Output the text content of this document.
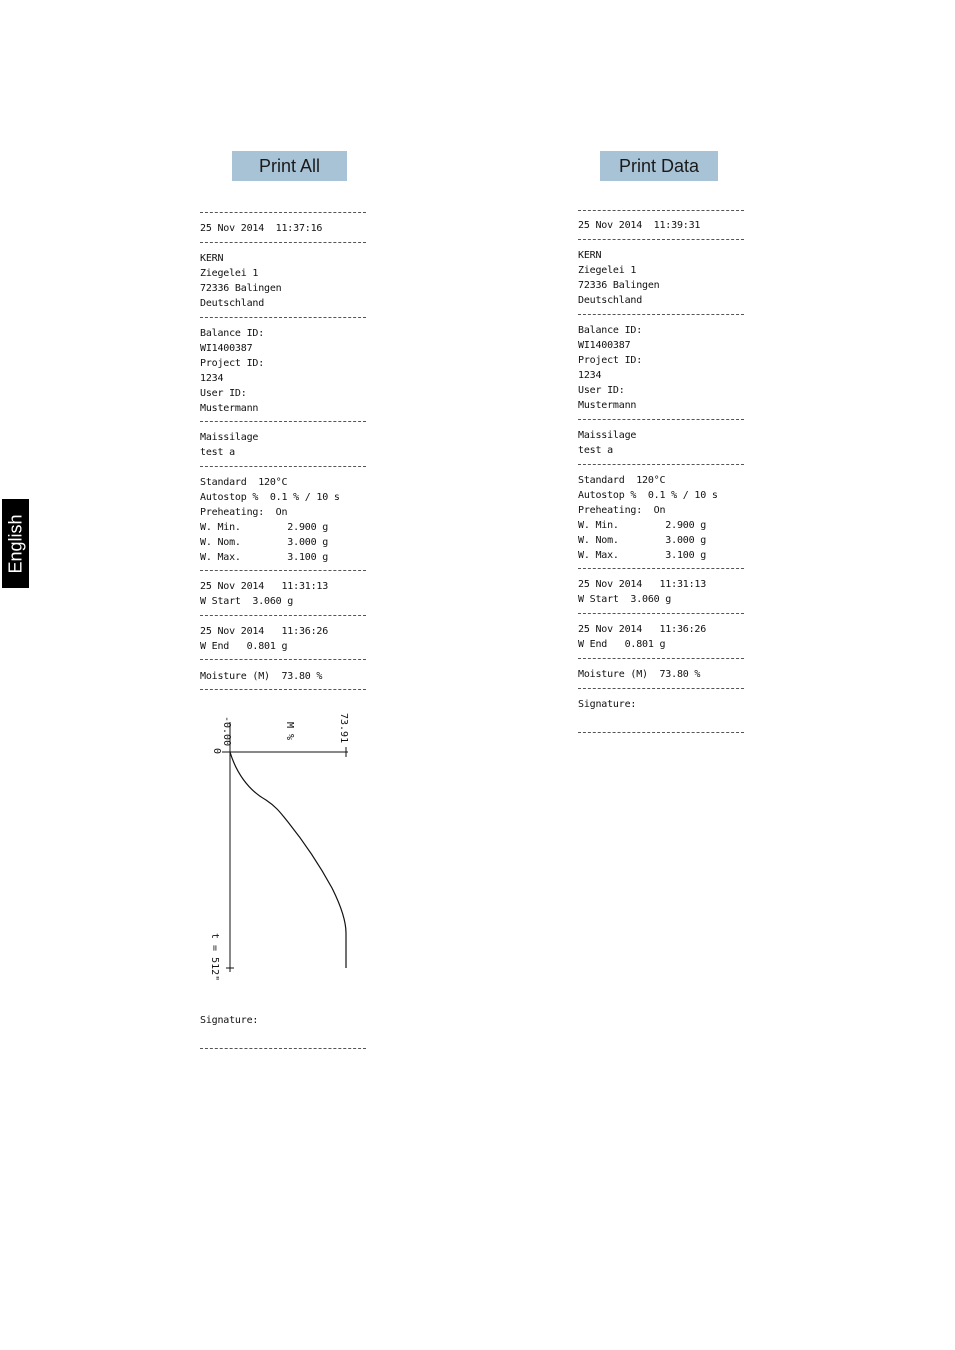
English
Print All	Print Data
25 Nov 2014  11:37:16
KERN
Ziegelei 1
72336 Balingen
Deutschland
Balance ID:
WI1400387
Project ID:
1234
User ID:
Mustermann
Maissilage
test a
Standard  120°C
Autostop %  0.1 % / 10 s
Preheating:  On
W. Min.        2.900 g
W. Nom.        3.000 g
W. Max.        3.100 g
25 Nov 2014   11:31:13
W Start  3.060 g
25 Nov 2014   11:36:26
W End   0.801 g
Moisture (M)  73.80 %
-0.00	M %	73.91
0
t = 512"
Signature:
25 Nov 2014  11:39:31
KERN
Ziegelei 1
72336 Balingen
Deutschland
Balance ID:
WI1400387
Project ID:
1234
User ID:
Mustermann
Maissilage
test a
Standard  120°C
Autostop %  0.1 % / 10 s
Preheating:  On
W. Min.        2.900 g
W. Nom.        3.000 g
W. Max.        3.100 g
25 Nov 2014   11:31:13
W Start  3.060 g
25 Nov 2014   11:36:26
W End   0.801 g
Moisture (M)  73.80 %
Signature:
